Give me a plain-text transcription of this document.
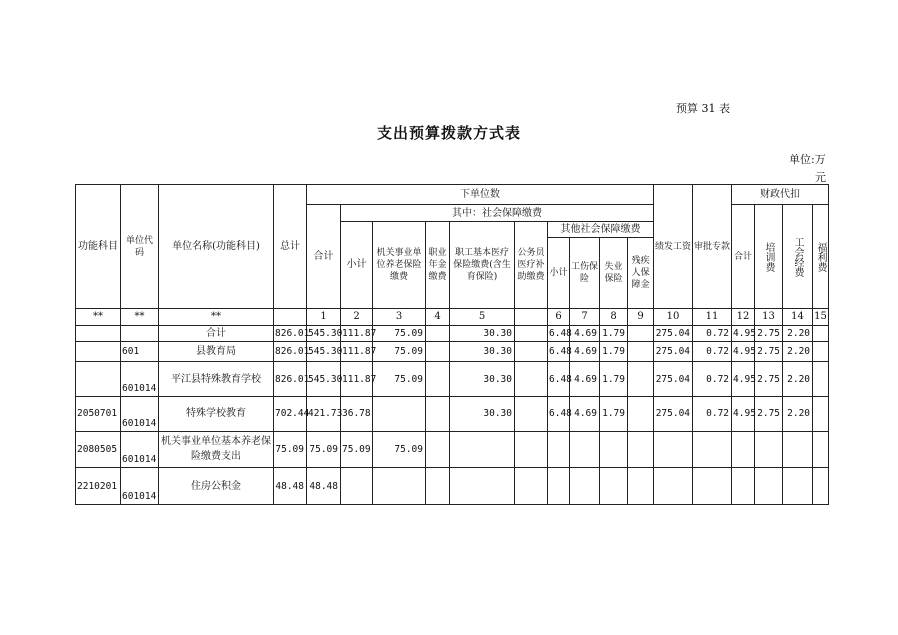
预算 31 表
支出预算拨款方式表
单位:万
元
功能科目	单位代码	单位名称(功能科目)	总计	下单位数										绩发工资	审批专款	财政代扣			
				合计	其中：社会保障缴费											合计	培训费	工会经费	福利费
					小计	机关事业单位养老保险缴费	职业年金缴费	职工基本医疗保险缴费(含生育保险)	公务员医疗补助缴费	其他社会保障缴费									
										小计	工伤保险	失业保险	残疾人保障金						
**	**	**		1	2	3	4	5		6	7	8	9	10	11	12	13	14	15
		合计	826.01	545.30	111.87	75.09		30.30		6.48	4.69	1.79		275.04	0.72	4.95	2.75	2.20	
	601	县教育局	826.01	545.30	111.87	75.09		30.30		6.48	4.69	1.79		275.04	0.72	4.95	2.75	2.20	
	601014	平江县特殊教育学校	826.01	545.30	111.87	75.09		30.30		6.48	4.69	1.79		275.04	0.72	4.95	2.75	2.20	
2050701	601014	特殊学校教育	702.44	421.73	36.78			30.30		6.48	4.69	1.79		275.04	0.72	4.95	2.75	2.20	
2080505	601014	机关事业单位基本养老保险缴费支出	75.09	75.09	75.09	75.09													
2210201	601014	住房公积金	48.48	48.48															
